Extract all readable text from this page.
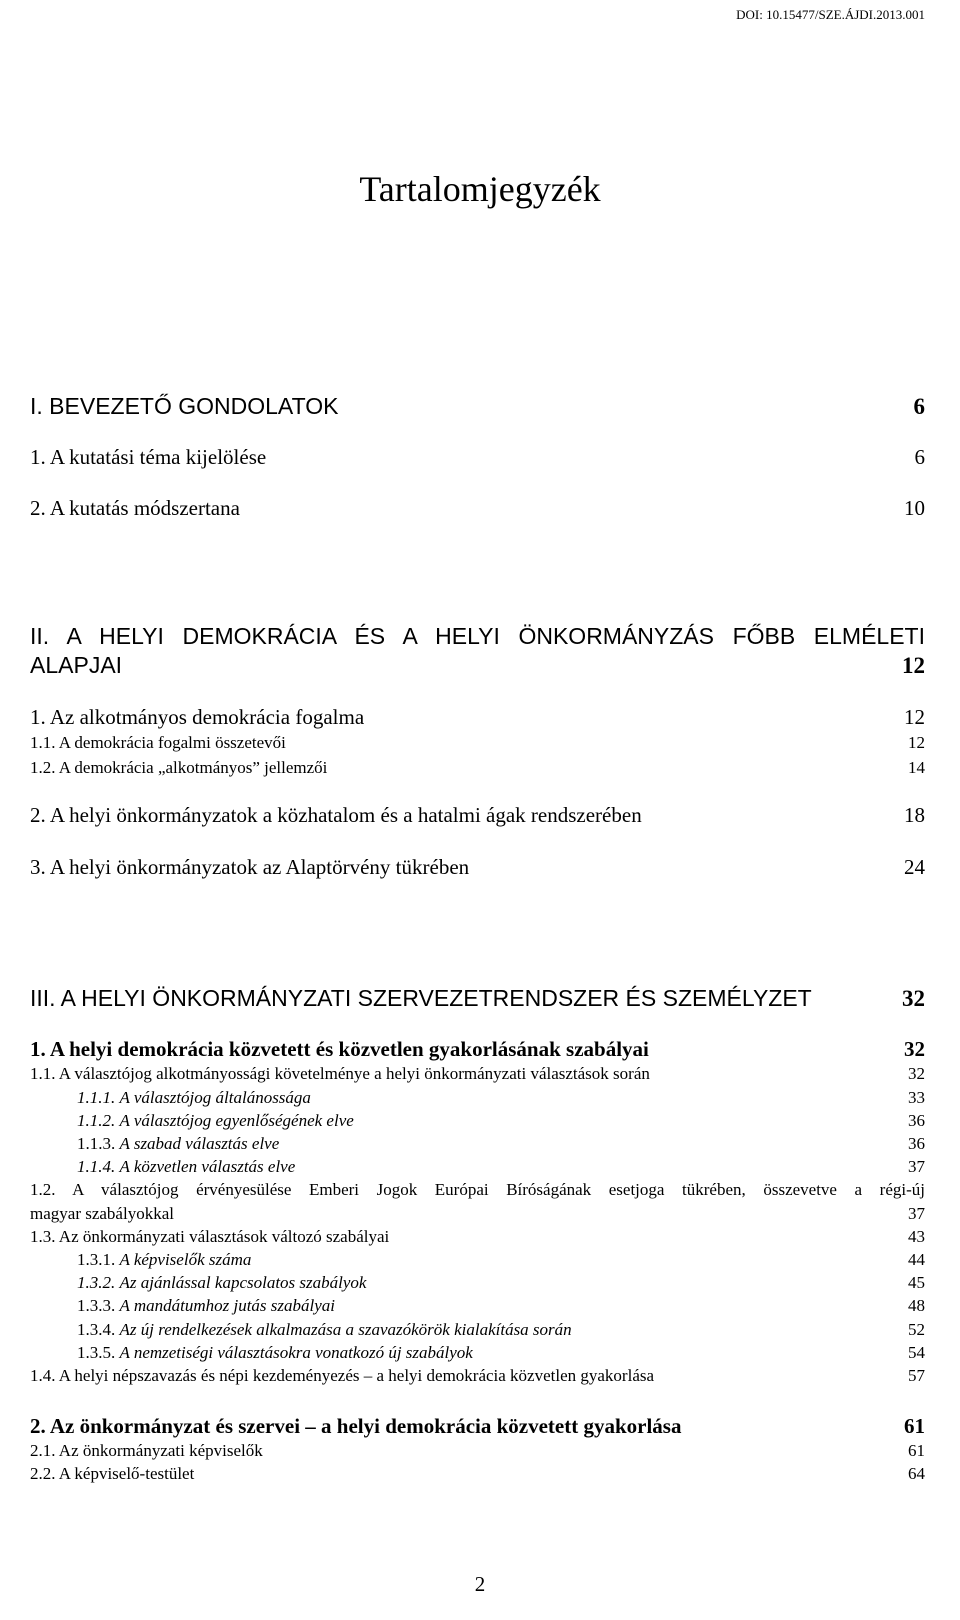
DOI: 10.15477/SZE.ÁJDI.2013.001
Tartalomjegyzék
I. BEVEZETŐ GONDOLATOK	6
1. A kutatási téma kijelölése	6
2. A kutatás módszertana	10
II. A HELYI DEMOKRÁCIA ÉS A HELYI ÖNKORMÁNYZÁS FŐBB ELMÉLETI
ALAPJAI	12
1. Az alkotmányos demokrácia fogalma	12
1.1. A demokrácia fogalmi összetevői	12
1.2. A demokrácia „alkotmányos” jellemzői	14
2. A helyi önkormányzatok a közhatalom és a hatalmi ágak rendszerében	18
3. A helyi önkormányzatok az Alaptörvény tükrében	24
III. A HELYI ÖNKORMÁNYZATI SZERVEZETRENDSZER ÉS SZEMÉLYZET	32
1. A helyi demokrácia közvetett és közvetlen gyakorlásának szabályai	32
1.1. A választójog alkotmányossági követelménye a helyi önkormányzati választások során	32
1.1.1. A választójog általánossága	33
1.1.2. A választójog egyenlőségének elve	36
1.1.3. A szabad választás elve	36
1.1.4. A közvetlen választás elve	37
1.2. A választójog érvényesülése Emberi Jogok Európai Bíróságának esetjoga tükrében, összevetve a régi-új
magyar szabályokkal	37
1.3. Az önkormányzati választások változó szabályai	43
1.3.1. A képviselők száma	44
1.3.2. Az ajánlással kapcsolatos szabályok	45
1.3.3. A mandátumhoz jutás szabályai	48
1.3.4. Az új rendelkezések alkalmazása a szavazókörök kialakítása során	52
1.3.5. A nemzetiségi választásokra vonatkozó új szabályok	54
1.4. A helyi népszavazás és népi kezdeményezés – a helyi demokrácia közvetlen gyakorlása	57
2. Az önkormányzat és szervei – a helyi demokrácia közvetett gyakorlása	61
2.1. Az önkormányzati képviselők	61
2.2. A képviselő-testület	64
2
